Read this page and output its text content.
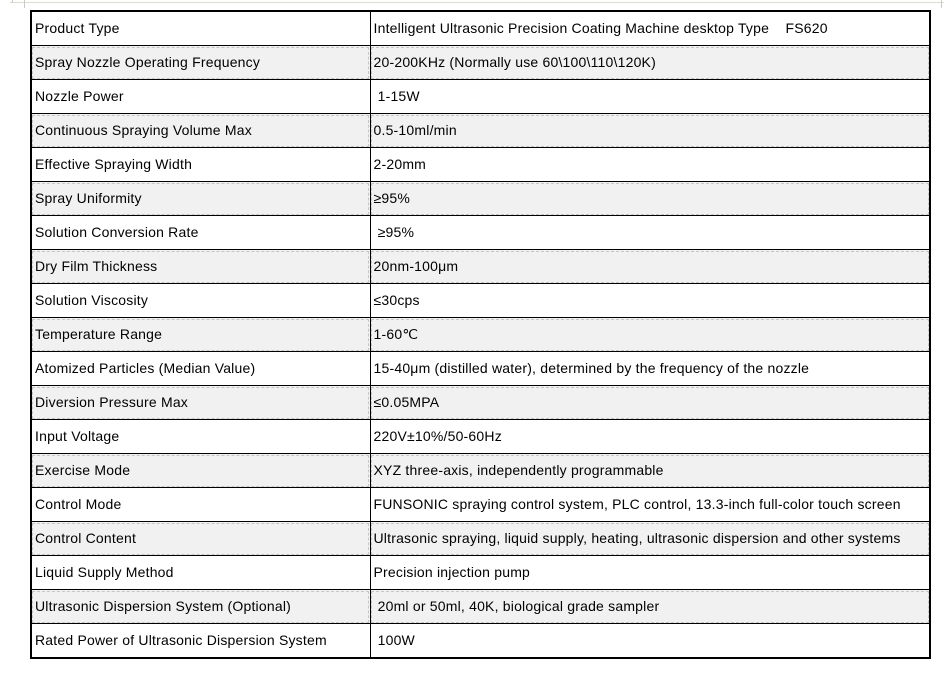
Product Type	Intelligent Ultrasonic Precision Coating Machine desktop Type    FS620
Spray Nozzle Operating Frequency	20-200KHz (Normally use 60\100\110\120K)
Nozzle Power	1-15W
Continuous Spraying Volume Max	0.5-10ml/min
Effective Spraying Width	2-20mm
Spray Uniformity	≥95%
Solution Conversion Rate	≥95%
Dry Film Thickness	20nm-100μm
Solution Viscosity	≤30cps
Temperature Range	1-60℃
Atomized Particles (Median Value)	15-40μm (distilled water), determined by the frequency of the nozzle
Diversion Pressure Max	≤0.05MPA
Input Voltage	220V±10%/50-60Hz
Exercise Mode	XYZ three-axis, independently programmable
Control Mode	FUNSONIC spraying control system, PLC control, 13.3-inch full-color touch screen
Control Content	Ultrasonic spraying, liquid supply, heating, ultrasonic dispersion and other systems
Liquid Supply Method	Precision injection pump
Ultrasonic Dispersion System (Optional)	20ml or 50ml, 40K, biological grade sampler
Rated Power of Ultrasonic Dispersion System	100W
